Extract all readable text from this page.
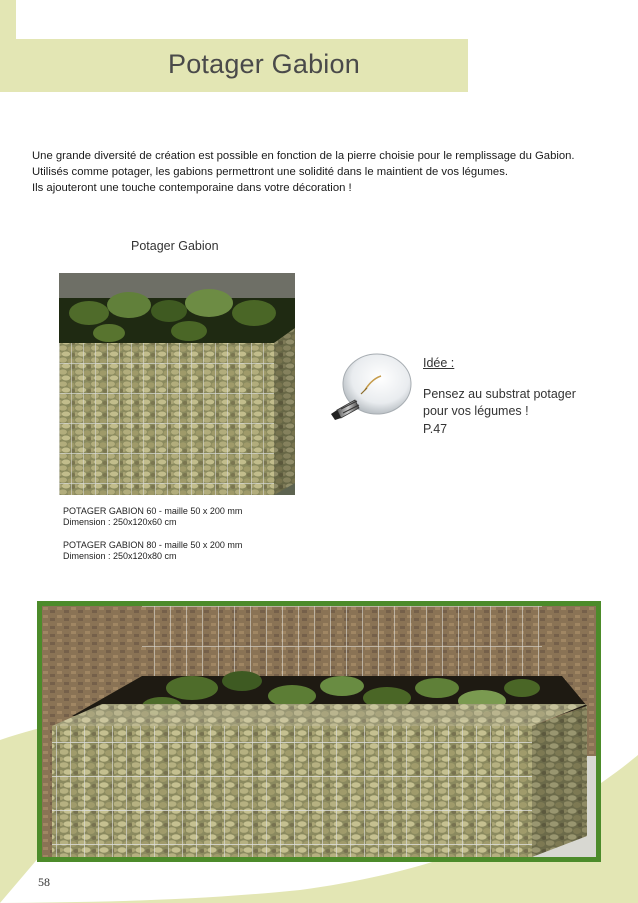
Potager Gabion

Une grande diversité de création est possible en fonction de la pierre choisie pour le remplissage du Gabion.

Utilisés comme potager, les gabions permettront une solidité dans le maintient de vos légumes.

Ils ajouteront une touche contemporaine dans votre décoration !

Potager Gabion
Idée :
Pensez au substrat potager
pour vos légumes !
P.47
POTAGER GABION 60 - maille 50 x 200 mm
Dimension : 250x120x60 cm
POTAGER GABION 80 - maille 50 x 200 mm
Dimension : 250x120x80 cm
58
